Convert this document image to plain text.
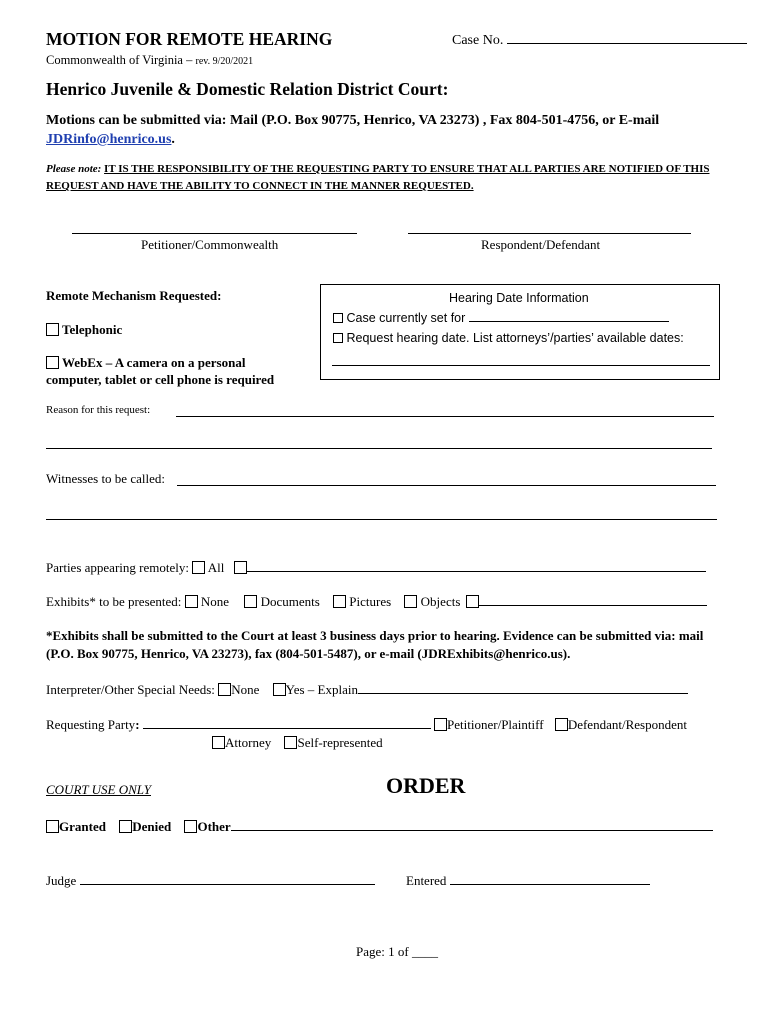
MOTION FOR REMOTE HEARING	Case No.
Commonwealth of Virginia – rev. 9/20/2021
Henrico Juvenile & Domestic Relation District Court:
Motions can be submitted via: Mail (P.O. Box 90775, Henrico, VA 23273) , Fax 804-501-4756, or E-mail
JDRinfo@henrico.us.
Please note: IT IS THE RESPONSIBILITY OF THE REQUESTING PARTY TO ENSURE THAT ALL PARTIES ARE NOTIFIED OF THIS
REQUEST AND HAVE THE ABILITY TO CONNECT IN THE MANNER REQUESTED.
Petitioner/Commonwealth	Respondent/Defendant
Remote Mechanism Requested:
Telephonic
WebEx – A camera on a personal
computer, tablet or cell phone is required
Hearing Date Information
Case currently set for
Request hearing date. List attorneys’/parties’ available dates:
Reason for this request:
Witnesses to be called:
Parties appearing remotely: All
Exhibits* to be presented: None Documents Pictures Objects
*Exhibits shall be submitted to the Court at least 3 business days prior to hearing. Evidence can be submitted via: mail
(P.O. Box 90775, Henrico, VA 23273), fax (804-501-5487), or e-mail (JDRExhibits@henrico.us).
Interpreter/Other Special Needs: None Yes – Explain
Requesting Party:	Petitioner/Plaintiff Defendant/Respondent
Attorney Self-represented
COURT USE ONLY	ORDER
Granted Denied Other
Judge	Entered
Page: 1 of ____
